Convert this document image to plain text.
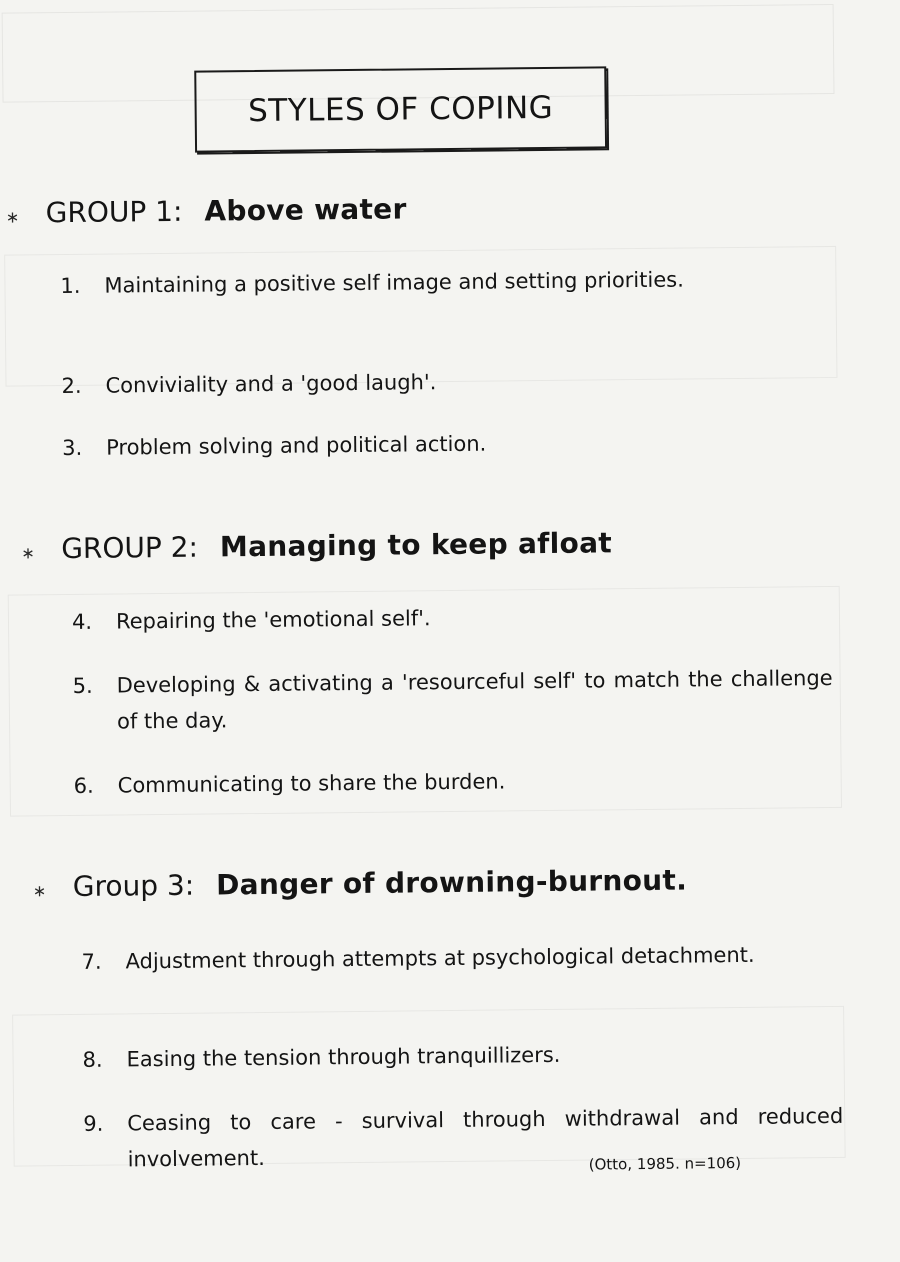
STYLES OF COPING
∗ GROUP 1: Above water
1.	Maintaining a positive self image and setting priorities.
2.	Conviviality and a 'good laugh'.
3.	Problem solving and political action.
∗ GROUP 2: Managing to keep afloat
4.	Repairing the 'emotional self'.
5.	Developing & activating a 'resourceful self' to match the challenge of the day.
6.	Communicating to share the burden.
∗ Group 3: Danger of drowning-burnout.
7.	Adjustment through attempts at psychological detachment.
8.	Easing the tension through tranquillizers.
9.	Ceasing to care - survival through withdrawal and reduced involvement.	(Otto, 1985. n=106)
